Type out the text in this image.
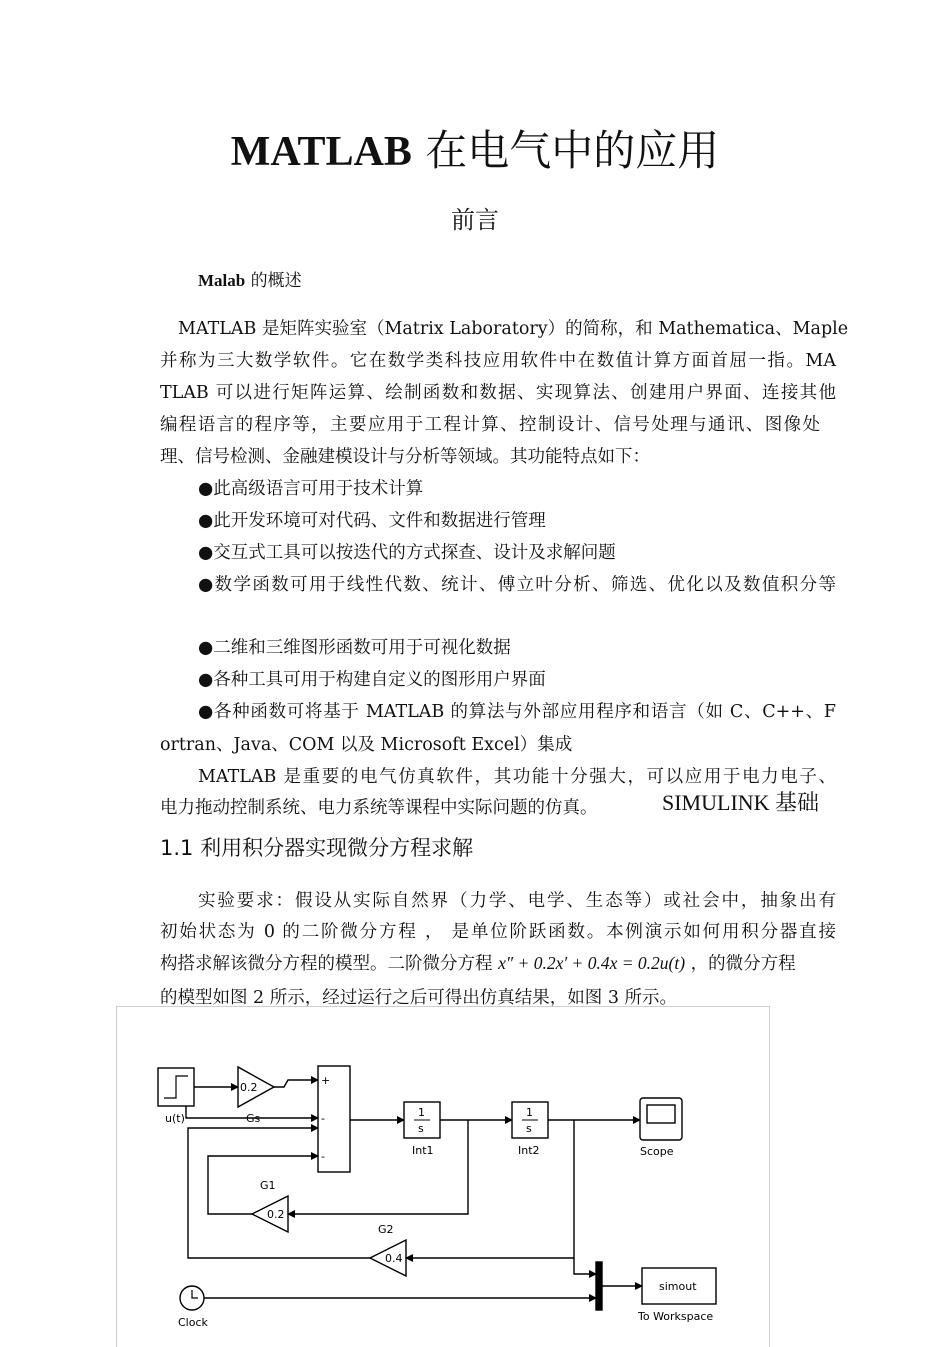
MATLAB 在电气中的应用
前言
Malab 的概述
MATLAB 是矩阵实验室（Matrix Laboratory）的简称，和 Mathematica、Maple
并称为三大数学软件。它在数学类科技应用软件中在数值计算方面首屈一指。MA
TLAB 可以进行矩阵运算、绘制函数和数据、实现算法、创建用户界面、连接其他
编程语言的程序等，主要应用于工程计算、控制设计、信号处理与通讯、图像处
理、信号检测、金融建模设计与分析等领域。其功能特点如下：
●此高级语言可用于技术计算
●此开发环境可对代码、文件和数据进行管理
●交互式工具可以按迭代的方式探查、设计及求解问题
●数学函数可用于线性代数、统计、傅立叶分析、筛选、优化以及数值积分等
●二维和三维图形函数可用于可视化数据
●各种工具可用于构建自定义的图形用户界面
●各种函数可将基于 MATLAB 的算法与外部应用程序和语言（如 C、C++、F
ortran、Java、COM 以及 Microsoft Excel）集成
MATLAB 是重要的电气仿真软件，其功能十分强大，可以应用于电力电子、
电力拖动控制系统、电力系统等课程中实际问题的仿真。	SIMULINK 基础
1.1 利用积分器实现微分方程求解
实验要求：假设从实际自然界（力学、电学、生态等）或社会中，抽象出有
初始状态为 0 的二阶微分方程 ， 是单位阶跃函数。本例演示如何用积分器直接
构搭求解该微分方程的模型。二阶微分方程 x″ + 0.2x′ + 0.4x = 0.2u(t) ，的微分方程
的模型如图 2 所示，经过运行之后可得出仿真结果，如图 3 所示。
u(t)	Gs
0.2
+
-
-
1
s
1
s
Int1	Int2	Scope
G1
0.2
G2
0.4
simout
To Workspace
Clock
